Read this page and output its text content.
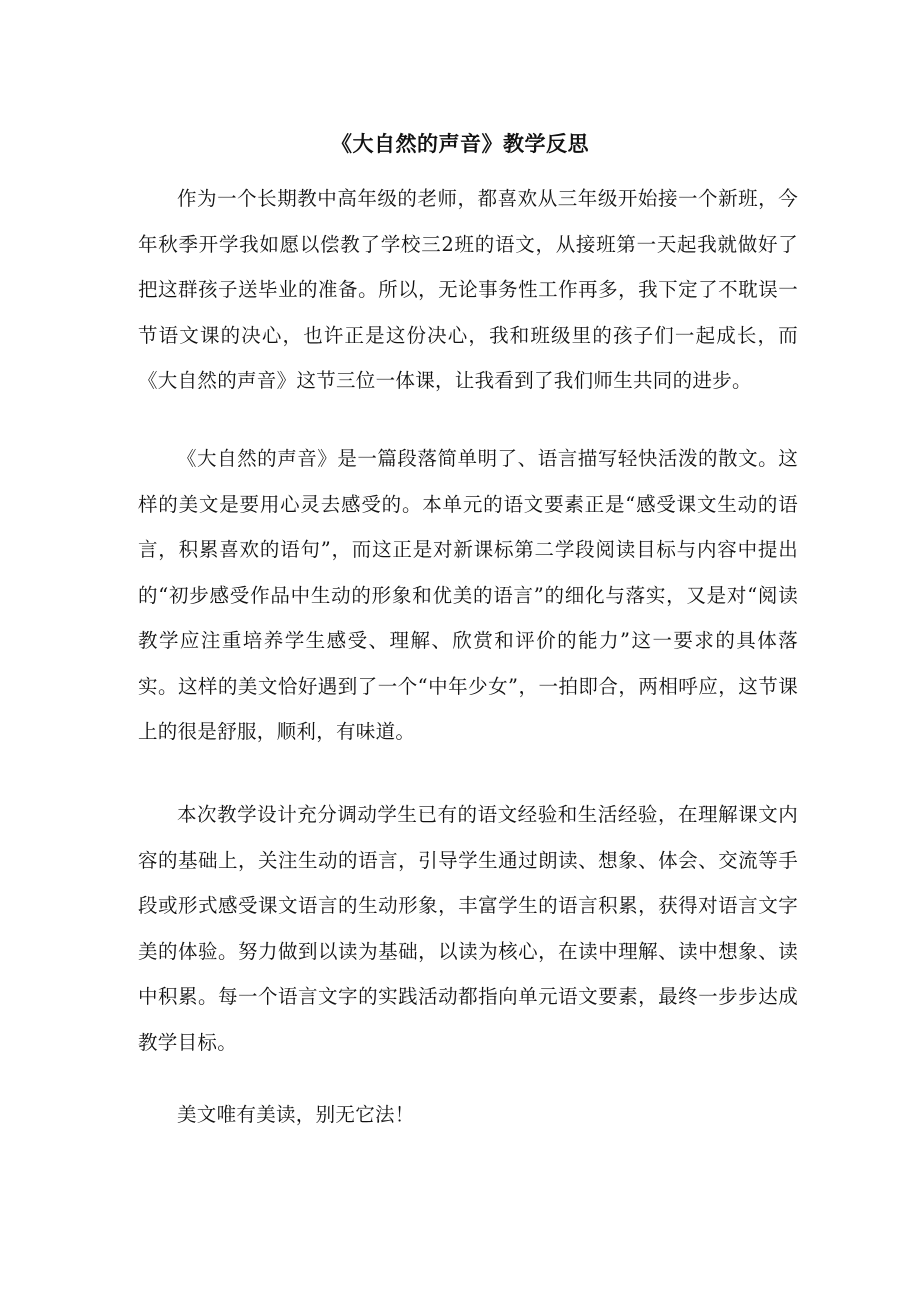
《大自然的声音》教学反思

作为一个长期教中高年级的老师，都喜欢从三年级开始接一个新班，今年秋季开学我如愿以偿教了学校三2班的语文，从接班第一天起我就做好了把这群孩子送毕业的准备。所以，无论事务性工作再多，我下定了不耽误一节语文课的决心，也许正是这份决心，我和班级里的孩子们一起成长，而《大自然的声音》这节三位一体课，让我看到了我们师生共同的进步。

《大自然的声音》是一篇段落简单明了、语言描写轻快活泼的散文。这样的美文是要用心灵去感受的。本单元的语文要素正是“感受课文生动的语言，积累喜欢的语句”，而这正是对新课标第二学段阅读目标与内容中提出的“初步感受作品中生动的形象和优美的语言”的细化与落实，又是对“阅读教学应注重培养学生感受、理解、欣赏和评价的能力”这一要求的具体落实。这样的美文恰好遇到了一个“中年少女”，一拍即合，两相呼应，这节课上的很是舒服，顺利，有味道。

本次教学设计充分调动学生已有的语文经验和生活经验，在理解课文内容的基础上，关注生动的语言，引导学生通过朗读、想象、体会、交流等手段或形式感受课文语言的生动形象，丰富学生的语言积累，获得对语言文字美的体验。努力做到以读为基础，以读为核心，在读中理解、读中想象、读中积累。每一个语言文字的实践活动都指向单元语文要素，最终一步步达成教学目标。

美文唯有美读，别无它法！
